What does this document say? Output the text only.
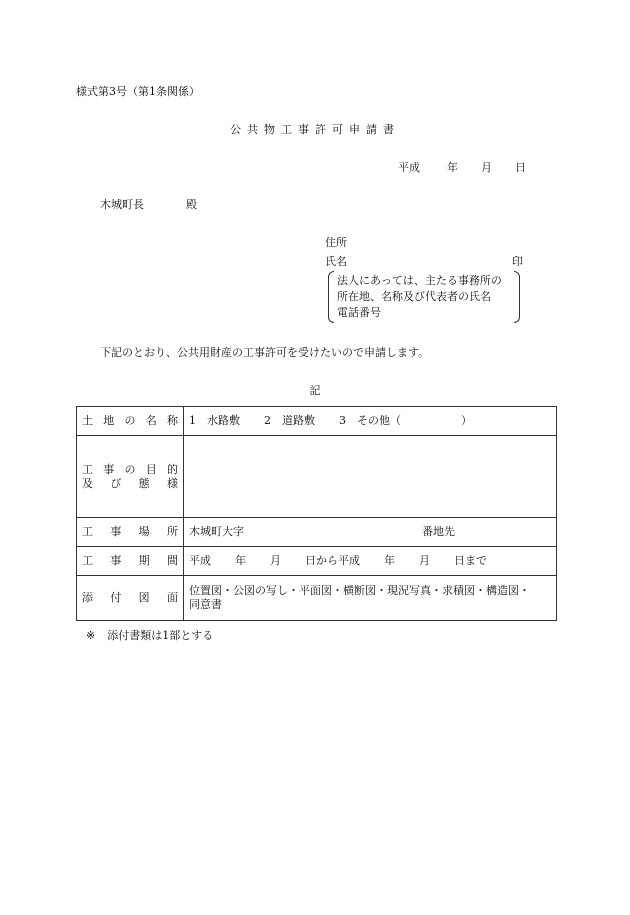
様式第3号（第1条関係）
公共物工事許可申請書
平成 年 月 日
木城町長	殿
住所
氏名	印
法人にあっては、主たる事務所の
所在地、名称及び代表者の氏名
電話番号
下記のとおり、公共用財産の工事許可を受けたいので申請します。
記
土地の名称	1　水路敷 2　道路敷 3　その他（ ）

工事の目的
及び態様	

工事場所	木城町大字 番地先
工事期間	平成 年 月 日から平成 年 月 日まで
添付図面	位置図・公図の写し・平面図・横断図・現況写真・求積図・構造図・
同意書
※ 添付書類は1部とする
